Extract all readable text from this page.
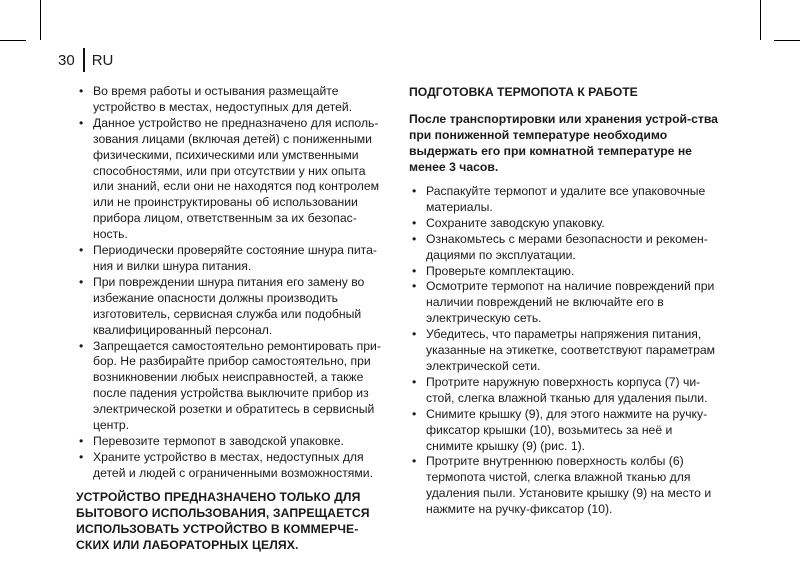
30 RU
• Во время работы и остывания размещайте устройство в местах, недоступных для детей.
• Данное устройство не предназначено для исполь-зования лицами (включая детей) с пониженными физическими, психическими или умственными способностями, или при отсутствии у них опыта или знаний, если они не находятся под контролем или не проинструктированы об использовании прибора лицом, ответственным за их безопас-ность.
• Периодически проверяйте состояние шнура пита-ния и вилки шнура питания.
• При повреждении шнура питания его замену во избежание опасности должны производить изготовитель, сервисная служба или подобный квалифицированный персонал.
• Запрещается самостоятельно ремонтировать при-бор. Не разбирайте прибор самостоятельно, при возникновении любых неисправностей, а также после падения устройства выключите прибор из электрической розетки и обратитесь в сервисный центр.
• Перевозите термопот в заводской упаковке.
• Храните устройство в местах, недоступных для детей и людей с ограниченными возможностями.
УСТРОЙСТВО ПРЕДНАЗНАЧЕНО ТОЛЬКО ДЛЯ БЫТОВОГО ИСПОЛЬЗОВАНИЯ, ЗАПРЕЩАЕТСЯ ИСПОЛЬЗОВАТЬ УСТРОЙСТВО В КОММЕРЧЕ-СКИХ ИЛИ ЛАБОРАТОРНЫХ ЦЕЛЯХ.
ПОДГОТОВКА ТЕРМОПОТА К РАБОТЕ
После транспортировки или хранения устрой-ства при пониженной температуре необходимо выдержать его при комнатной температуре не менее 3 часов.
• Распакуйте термопот и удалите все упаковочные материалы.
• Сохраните заводскую упаковку.
• Ознакомьтесь с мерами безопасности и рекомен-дациями по эксплуатации.
• Проверьте комплектацию.
• Осмотрите термопот на наличие повреждений при наличии повреждений не включайте его в электрическую сеть.
• Убедитесь, что параметры напряжения питания, указанные на этикетке, соответствуют параметрам электрической сети.
• Протрите наружную поверхность корпуса (7) чи-стой, слегка влажной тканью для удаления пыли.
• Снимите крышку (9), для этого нажмите на ручку-фиксатор крышки (10), возьмитесь за неё и снимите крышку (9) (рис. 1).
• Протрите внутреннюю поверхность колбы (6) термопота чистой, слегка влажной тканью для удаления пыли. Установите крышку (9) на место и нажмите на ручку-фиксатор (10).
